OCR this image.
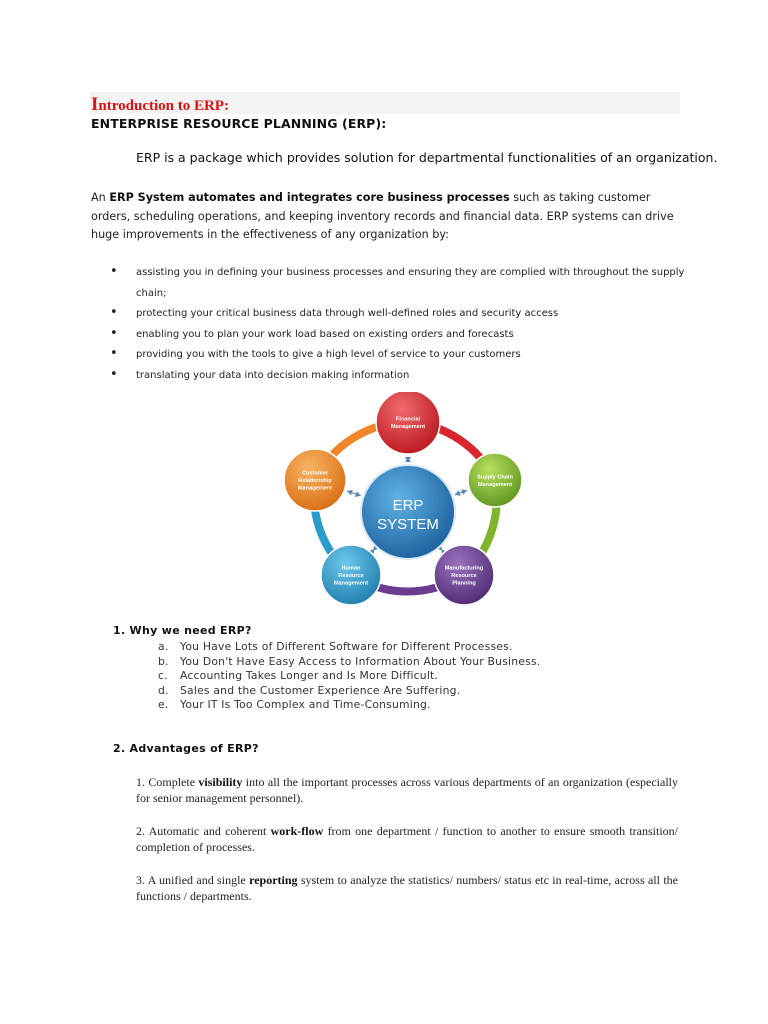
Introduction to ERP:
ENTERPRISE RESOURCE PLANNING (ERP):
ERP is a package which provides solution for departmental functionalities of an organization.
An ERP System automates and integrates core business processes such as taking customer orders, scheduling operations, and keeping inventory records and financial data. ERP systems can drive huge improvements in the effectiveness of any organization by:
• assisting you in defining your business processes and ensuring they are complied with throughout the supply chain;
• protecting your critical business data through well-defined roles and security access
• enabling you to plan your work load based on existing orders and forecasts
• providing you with the tools to give a high level of service to your customers
• translating your data into decision making information
ERP
SYSTEM
Financial
Management
Supply Chain
Management
Manufacturing
Resource
Planning
Human
Resource
Management
Customer
Relationship
Management
1. Why we need ERP?
a. You Have Lots of Different Software for Different Processes.
b. You Don't Have Easy Access to Information About Your Business.
c. Accounting Takes Longer and Is More Difficult.
d. Sales and the Customer Experience Are Suffering.
e. Your IT Is Too Complex and Time-Consuming.
2. Advantages of ERP?
1. Complete visibility into all the important processes across various departments of an organization (especially for senior management personnel).
2. Automatic and coherent work-flow from one department / function to another to ensure smooth transition/ completion of processes.
3. A unified and single reporting system to analyze the statistics/ numbers/ status etc in real-time, across all the functions / departments.
